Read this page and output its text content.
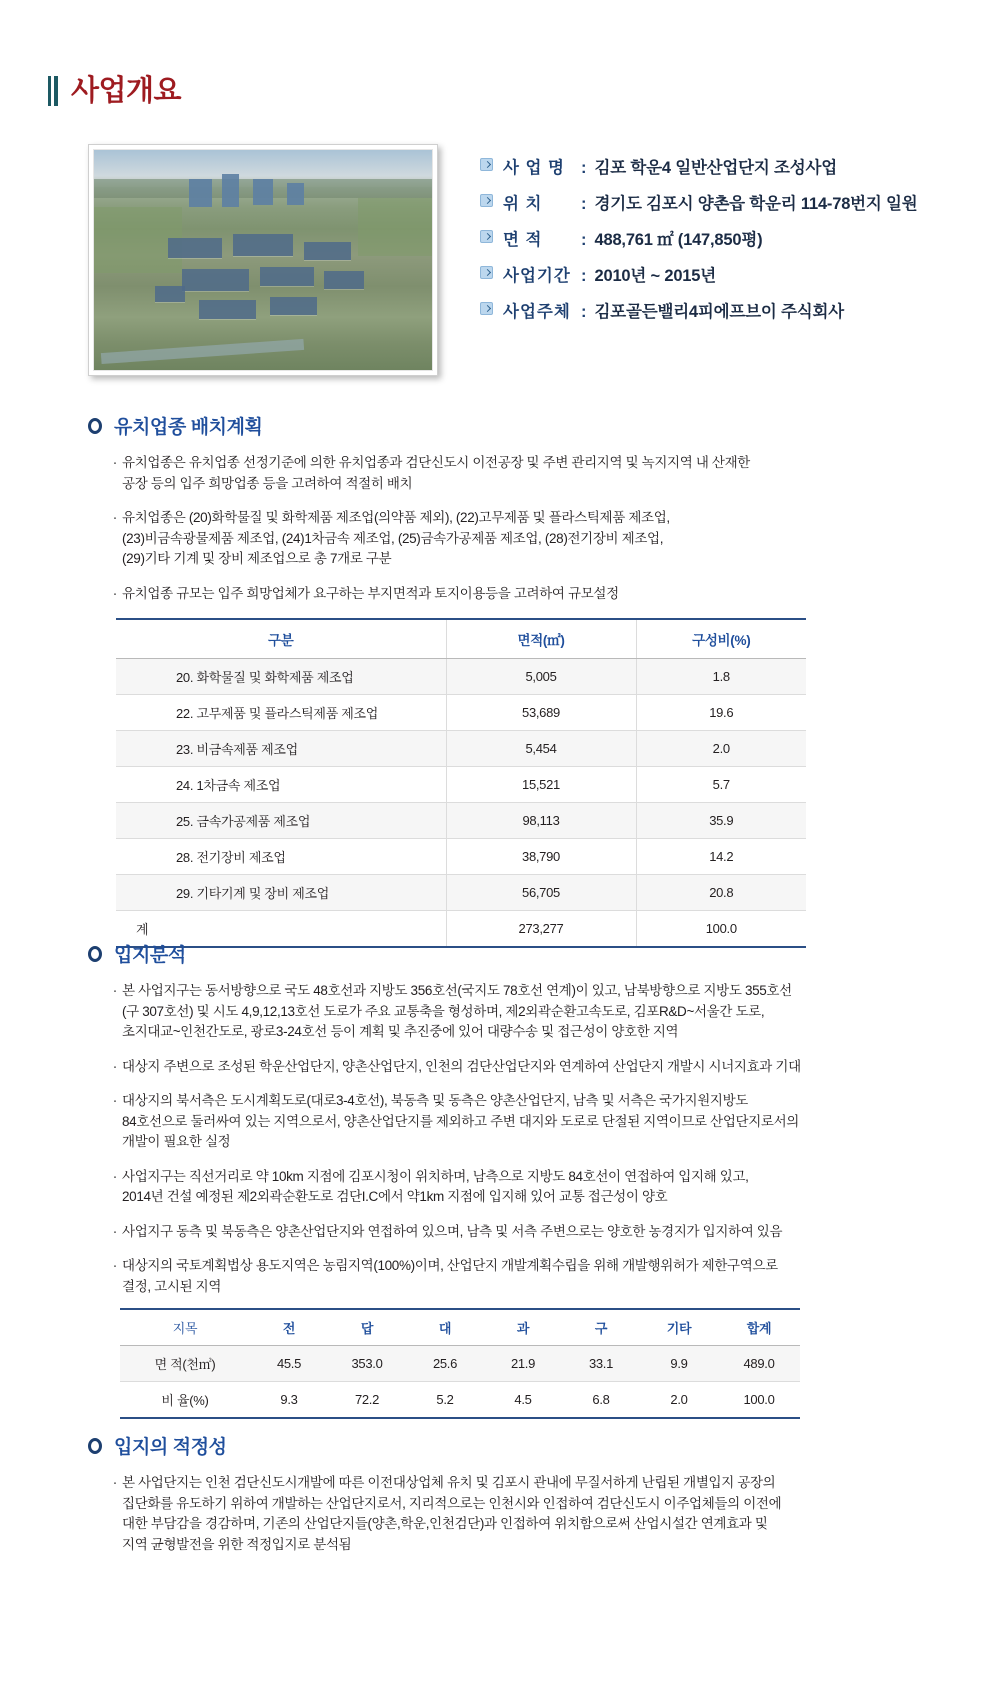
사업개요
사 업 명 : 김포 학운4 일반산업단지 조성사업
위 치	: 경기도 김포시 양촌읍 학운리 114-78번지 일원
면 적	: 488,761 ㎡ (147,850평)
사업기간 : 2010년 ~ 2015년
사업주체 : 김포골든밸리4피에프브이 주식회사
유치업종 배치계획
· 유치업종은 유치업종 선정기준에 의한 유치업종과 검단신도시 이전공장 및 주변 관리지역 및 녹지지역 내 산재한
공장 등의 입주 희망업종 등을 고려하여 적절히 배치
· 유치업종은 (20)화학물질 및 화학제품 제조업(의약품 제외), (22)고무제품 및 플라스틱제품 제조업,
(23)비금속광물제품 제조업, (24)1차금속 제조업, (25)금속가공제품 제조업, (28)전기장비 제조업,
(29)기타 기계 및 장비 제조업으로 총 7개로 구분
· 유치업종 규모는 입주 희망업체가 요구하는 부지면적과 토지이용등을 고려하여 규모설정
구분	면적(㎡)	구성비(%)
20. 화학물질 및 화학제품 제조업	5,005	1.8
22. 고무제품 및 플라스틱제품 제조업	53,689	19.6
23. 비금속제품 제조업	5,454	2.0
24. 1차금속 제조업	15,521	5.7
25. 금속가공제품 제조업	98,113	35.9
28. 전기장비 제조업	38,790	14.2
29. 기타기계 및 장비 제조업	56,705	20.8
계	273,277	100.0
입지분석
· 본 사업지구는 동서방향으로 국도 48호선과 지방도 356호선(국지도 78호선 연계)이 있고, 남북방향으로 지방도 355호선
(구 307호선) 및 시도 4,9,12,13호선 도로가 주요 교통축을 형성하며, 제2외곽순환고속도로, 김포R&D~서울간 도로,
초지대교~인천간도로, 광로3-24호선 등이 계획 및 추진중에 있어 대량수송 및 접근성이 양호한 지역
· 대상지 주변으로 조성된 학운산업단지, 양촌산업단지, 인천의 검단산업단지와 연계하여 산업단지 개발시 시너지효과 기대
· 대상지의 북서측은 도시계획도로(대로3-4호선), 북동측 및 동측은 양촌산업단지, 남측 및 서측은 국가지원지방도
84호선으로 둘러싸여 있는 지역으로서, 양촌산업단지를 제외하고 주변 대지와 도로로 단절된 지역이므로 산업단지로서의
개발이 필요한 실정
· 사업지구는 직선거리로 약 10km 지점에 김포시청이 위치하며, 남측으로 지방도 84호선이 연접하여 입지해 있고,
2014년 건설 예정된 제2외곽순환도로 검단I.C에서 약1km 지점에 입지해 있어 교통 접근성이 양호
· 사업지구 동측 및 북동측은 양촌산업단지와 연접하여 있으며, 남측 및 서측 주변으로는 양호한 농경지가 입지하여 있음
· 대상지의 국토계획법상 용도지역은 농림지역(100%)이며, 산업단지 개발계획수립을 위해 개발행위허가 제한구역으로
결정, 고시된 지역
지목	전	답	대	과	구	기타	합계
면 적(천㎡)	45.5	353.0	25.6	21.9	33.1	9.9	489.0
비 율(%)	9.3	72.2	5.2	4.5	6.8	2.0	100.0
입지의 적정성
· 본 사업단지는 인천 검단신도시개발에 따른 이전대상업체 유치 및 김포시 관내에 무질서하게 난립된 개별입지 공장의
집단화를 유도하기 위하여 개발하는 산업단지로서, 지리적으로는 인천시와 인접하여 검단신도시 이주업체들의 이전에
대한 부담감을 경감하며, 기존의 산업단지들(양촌,학운,인천검단)과 인접하여 위치함으로써 산업시설간 연계효과 및
지역 균형발전을 위한 적정입지로 분석됨
